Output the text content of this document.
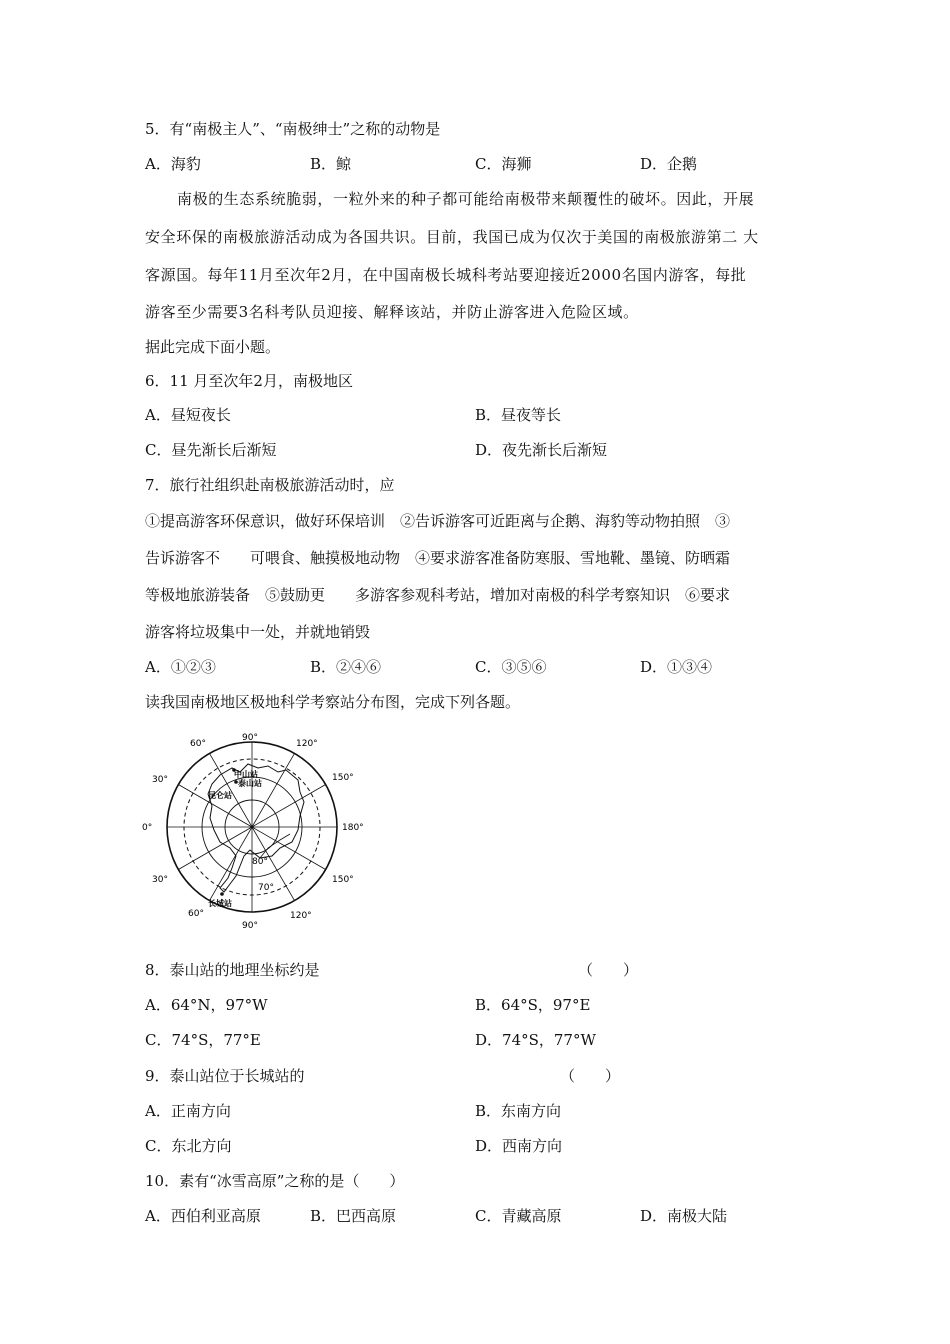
5．有“南极主人”、“南极绅士”之称的动物是
A．海豹	B．鲸	C．海狮	D．企鹅
南极的生态系统脆弱，一粒外来的种子都可能给南极带来颠覆性的破坏。因此，开展
安全环保的南极旅游活动成为各国共识。目前，我国已成为仅次于美国的南极旅游第二 大
客源国。每年11月至次年2月，在中国南极长城科考站要迎接近2000名国内游客，每批
游客至少需要3名科考队员迎接、解释该站，并防止游客进入危险区域。
据此完成下面小题。
6．11 月至次年2月，南极地区
A．昼短夜长	B．昼夜等长
C．昼先渐长后渐短	D．夜先渐长后渐短
7．旅行社组织赴南极旅游活动时，应
①提高游客环保意识，做好环保培训　②告诉游客可近距离与企鹅、海豹等动物拍照　③
告诉游客不　　可喂食、触摸极地动物　④要求游客准备防寒服、雪地靴、墨镜、防晒霜
等极地旅游装备　⑤鼓励更　　多游客参观科考站，增加对南极的科学考察知识　⑥要求
游客将垃圾集中一处，并就地销毁
A．①②③	B．②④⑥	C．③⑤⑥	D．①③④
读我国南极地区极地科学考察站分布图，完成下列各题。
90°
120°
150°
180°
150°
120°
90°
60°
30°
0°
30°
60°
80°
70°
中山站
泰山站
昆仑站
长城站
8．泰山站的地理坐标约是	（　　）
A．64°N，97°W	B．64°S，97°E
C．74°S，77°E	D．74°S，77°W
9．泰山站位于长城站的	（　　）
A．正南方向	B．东南方向
C．东北方向	D．西南方向
10．素有“冰雪高原”之称的是（　　）
A．西伯利亚高原	B．巴西高原	C．青藏高原	D．南极大陆
